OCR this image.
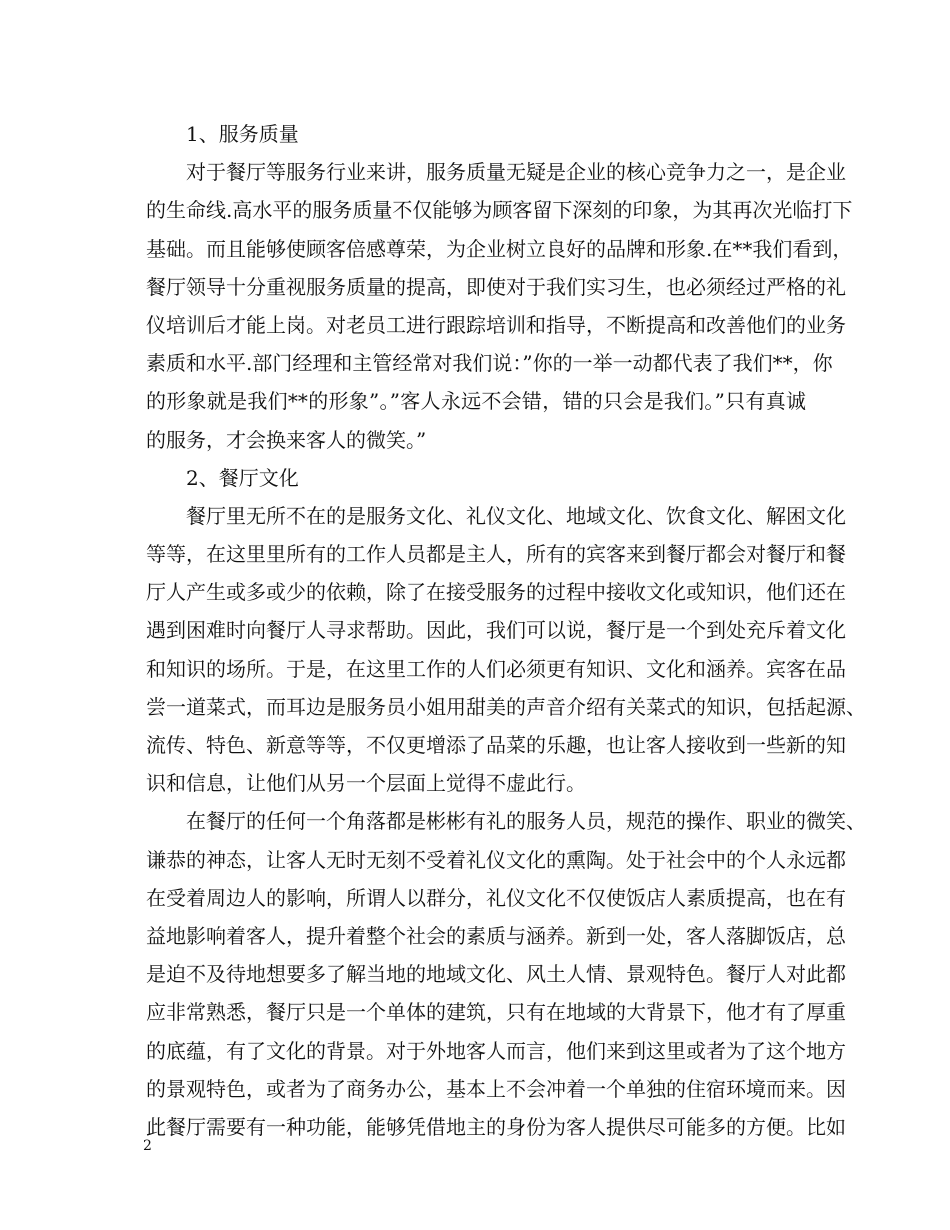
1、服务质量
对于餐厅等服务行业来讲，服务质量无疑是企业的核心竞争力之一，是企业
的生命线.高水平的服务质量不仅能够为顾客留下深刻的印象，为其再次光临打下
基础。而且能够使顾客倍感尊荣，为企业树立良好的品牌和形象.在**我们看到，
餐厅领导十分重视服务质量的提高，即使对于我们实习生，也必须经过严格的礼
仪培训后才能上岗。对老员工进行跟踪培训和指导，不断提高和改善他们的业务
素质和水平.部门经理和主管经常对我们说：”你的一举一动都代表了我们**，你
的形象就是我们**的形象”。”客人永远不会错，错的只会是我们。”只有真诚
的服务，才会换来客人的微笑。”
2、餐厅文化
餐厅里无所不在的是服务文化、礼仪文化、地域文化、饮食文化、解困文化
等等，在这里里所有的工作人员都是主人，所有的宾客来到餐厅都会对餐厅和餐
厅人产生或多或少的依赖，除了在接受服务的过程中接收文化或知识，他们还在
遇到困难时向餐厅人寻求帮助。因此，我们可以说，餐厅是一个到处充斥着文化
和知识的场所。于是，在这里工作的人们必须更有知识、文化和涵养。宾客在品
尝一道菜式，而耳边是服务员小姐用甜美的声音介绍有关菜式的知识，包括起源、
流传、特色、新意等等，不仅更增添了品菜的乐趣，也让客人接收到一些新的知
识和信息，让他们从另一个层面上觉得不虚此行。
在餐厅的任何一个角落都是彬彬有礼的服务人员，规范的操作、职业的微笑、
谦恭的神态，让客人无时无刻不受着礼仪文化的熏陶。处于社会中的个人永远都
在受着周边人的影响，所谓人以群分，礼仪文化不仅使饭店人素质提高，也在有
益地影响着客人，提升着整个社会的素质与涵养。新到一处，客人落脚饭店，总
是迫不及待地想要多了解当地的地域文化、风土人情、景观特色。餐厅人对此都
应非常熟悉，餐厅只是一个单体的建筑，只有在地域的大背景下，他才有了厚重
的底蕴，有了文化的背景。对于外地客人而言，他们来到这里或者为了这个地方
的景观特色，或者为了商务办公，基本上不会冲着一个单独的住宿环境而来。因
此餐厅需要有一种功能，能够凭借地主的身份为客人提供尽可能多的方便。比如
2
